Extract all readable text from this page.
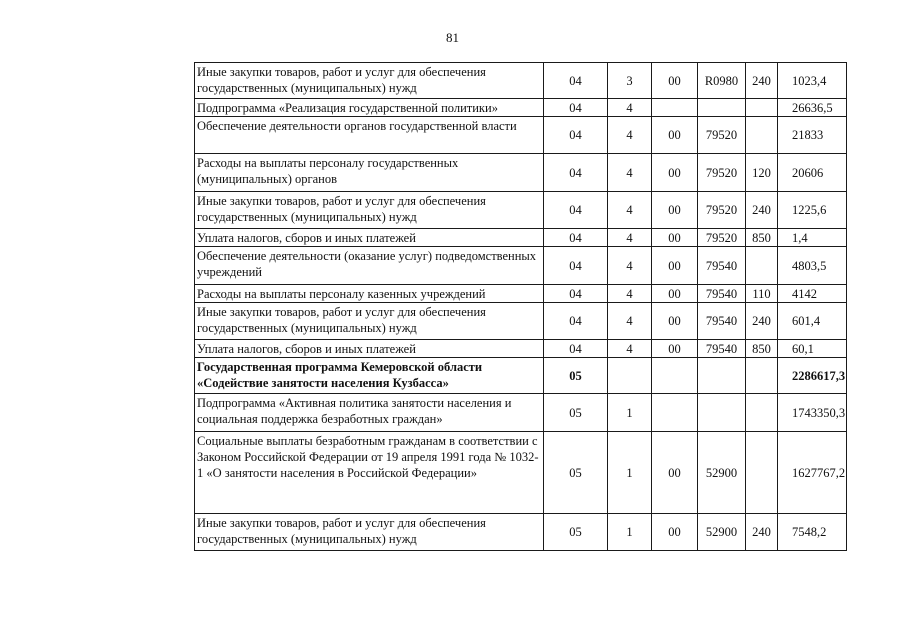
81
Иные закупки товаров, работ и услуг для обеспечения государственных (муниципальных) нужд	04	3	00	R0980	240	1023,4
Подпрограмма «Реализация государственной политики»	04	4				26636,5
Обеспечение деятельности органов государственной власти	04	4	00	79520		21833
Расходы на выплаты персоналу государственных (муниципальных) органов	04	4	00	79520	120	20606
Иные закупки товаров, работ и услуг для обеспечения государственных (муниципальных) нужд	04	4	00	79520	240	1225,6
Уплата налогов, сборов и иных платежей	04	4	00	79520	850	1,4
Обеспечение деятельности (оказание услуг) подведомственных учреждений	04	4	00	79540		4803,5
Расходы на выплаты персоналу казенных учреждений	04	4	00	79540	110	4142
Иные закупки товаров, работ и услуг для обеспечения государственных (муниципальных) нужд	04	4	00	79540	240	601,4
Уплата налогов, сборов и иных платежей	04	4	00	79540	850	60,1
Государственная программа Кемеровской области «Содействие занятости населения Кузбасса»	05					2286617,3
Подпрограмма «Активная политика занятости населения и социальная поддержка безработных граждан»	05	1				1743350,3
Социальные выплаты безработным гражданам в соответствии с Законом Российской Федерации от 19 апреля 1991 года № 1032-1 «О занятости населения в Российской Федерации»	05	1	00	52900		1627767,2
Иные закупки товаров, работ и услуг для обеспечения государственных (муниципальных) нужд	05	1	00	52900	240	7548,2
